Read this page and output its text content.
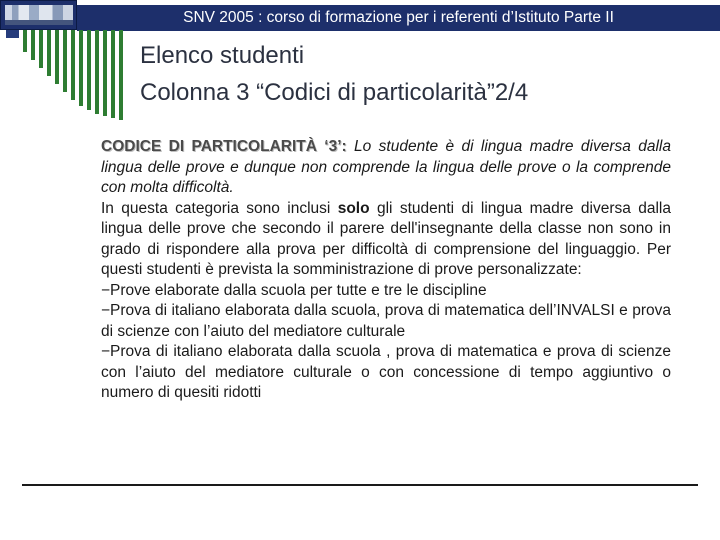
SNV 2005 : corso di formazione per i referenti d’Istituto Parte II
Elenco studenti
Colonna 3 “Codici di particolarità”2/4

CODICE DI PARTICOLARITÀ ‘3’: Lo studente è di lingua madre diversa dalla lingua delle prove e dunque non comprende la lingua delle prove o la comprende con molta difficoltà.

In questa categoria sono inclusi solo gli studenti di lingua madre diversa dalla lingua delle prove che secondo il parere dell'insegnante della classe non sono in grado di rispondere alla prova per difficoltà di comprensione del linguaggio. Per questi studenti è prevista la somministrazione di prove personalizzate:

−Prove elaborate dalla scuola per tutte e tre le discipline

−Prova di italiano elaborata dalla scuola, prova di matematica dell’INVALSI e prova di scienze con l’aiuto del mediatore culturale

−Prova di italiano elaborata dalla scuola , prova di matematica e prova di scienze con l’aiuto del mediatore culturale o con concessione di tempo aggiuntivo o numero di quesiti ridotti
